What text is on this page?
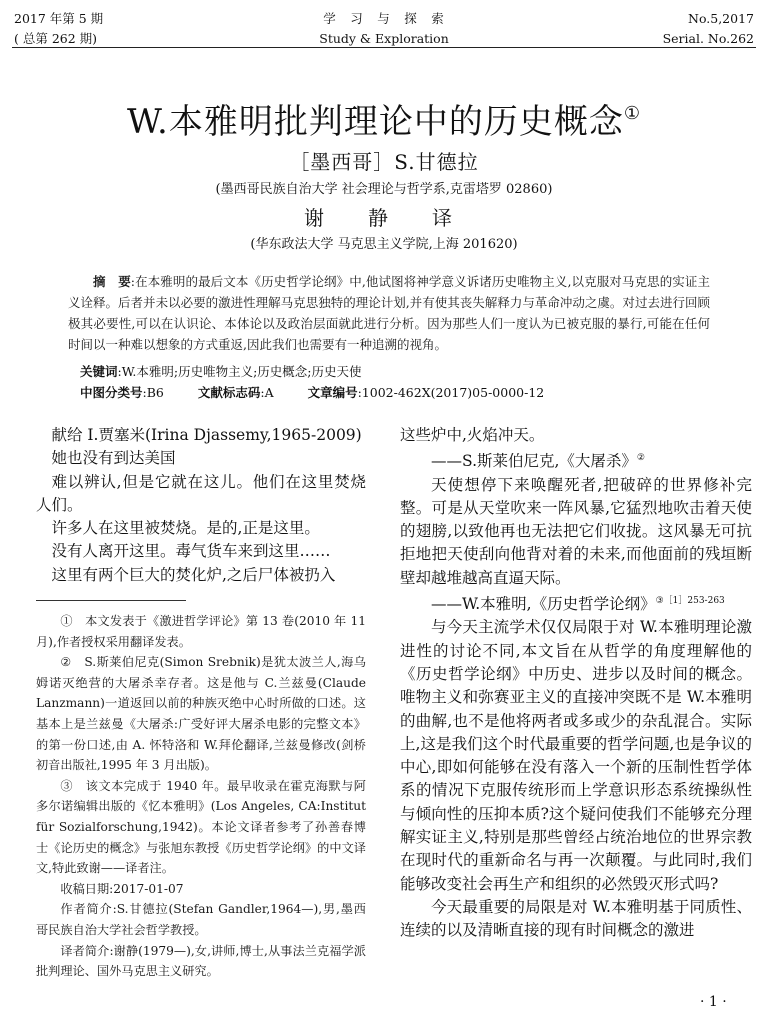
2017 年第 5 期
( 总第 262 期)
学　习　与　探　索
Study & Exploration
No.5,2017
Serial. No.262
W.本雅明批判理论中的历史概念①
［墨西哥］S.甘德拉
(墨西哥民族自治大学 社会理论与哲学系,克雷塔罗 02860)
谢　静　译
(华东政法大学 马克思主义学院,上海 201620)

摘　要:在本雅明的最后文本《历史哲学论纲》中,他试图将神学意义诉诸历史唯物主义,以克服对马克思的实证主义诠释。后者并未以必要的激进性理解马克思独特的理论计划,并有使其丧失解释力与革命冲动之虞。对过去进行回顾极其必要性,可以在认识论、本体论以及政治层面就此进行分析。因为那些人们一度认为已被克服的暴行,可能在任何时间以一种难以想象的方式重返,因此我们也需要有一种追溯的视角。

关键词:W.本雅明;历史唯物主义;历史概念;历史天使
中图分类号:B6	文献标志码:A	文章编号:1002-462X(2017)05-0000-12

献给 I.贾塞米(Irina Djassemy,1965-2009)

她也没有到达美国

难以辨认,但是它就在这儿。他们在这里焚烧人们。

许多人在这里被焚烧。是的,正是这里。

没有人离开这里。毒气货车来到这里……

这里有两个巨大的焚化炉,之后尸体被扔入

①　本文发表于《激进哲学评论》第 13 卷(2010 年 11 月),作者授权采用翻译发表。

②　S.斯莱伯尼克(Simon Srebnik)是犹太波兰人,海乌姆诺灭绝营的大屠杀幸存者。这是他与 C.兰兹曼(Claude Lanzmann)一道返回以前的种族灭绝中心时所做的口述。这基本上是兰兹曼《大屠杀:广受好评大屠杀电影的完整文本》的第一份口述,由 A. 怀特洛和 W.拜伦翻译,兰兹曼修改(剑桥初音出版社,1995 年 3 月出版)。

③　该文本完成于 1940 年。最早收录在霍克海默与阿多尔诺编辑出版的《忆本雅明》(Los Angeles, CA:Institut für Sozialforschung,1942)。本论文译者参考了孙善春博士《论历史的概念》与张旭东教授《历史哲学论纲》的中文译文,特此致谢——译者注。

收稿日期:2017-01-07

作者简介:S.甘德拉(Stefan Gandler,1964—),男,墨西哥民族自治大学社会哲学教授。

译者简介:谢静(1979—),女,讲师,博士,从事法兰克福学派批判理论、国外马克思主义研究。

这些炉中,火焰冲天。

——S.斯莱伯尼克,《大屠杀》②

天使想停下来唤醒死者,把破碎的世界修补完整。可是从天堂吹来一阵风暴,它猛烈地吹击着天使的翅膀,以致他再也无法把它们收拢。这风暴无可抗拒地把天使刮向他背对着的未来,而他面前的残垣断壁却越堆越高直逼天际。

——W.本雅明,《历史哲学论纲》$^{③[1]253-263}$

与今天主流学术仅仅局限于对 W.本雅明理论激进性的讨论不同,本文旨在从哲学的角度理解他的《历史哲学论纲》中历史、进步以及时间的概念。唯物主义和弥赛亚主义的直接冲突既不是 W.本雅明的曲解,也不是他将两者或多或少的杂乱混合。实际上,这是我们这个时代最重要的哲学问题,也是争议的中心,即如何能够在没有落入一个新的压制性哲学体系的情况下克服传统形而上学意识形态系统操纵性与倾向性的压抑本质?这个疑问使我们不能够充分理解实证主义,特别是那些曾经占统治地位的世界宗教在现时代的重新命名与再一次颠覆。与此同时,我们能够改变社会再生产和组织的必然毁灭形式吗?

今天最重要的局限是对 W.本雅明基于同质性、连续的以及清晰直接的现有时间概念的激进

· 1 ·
